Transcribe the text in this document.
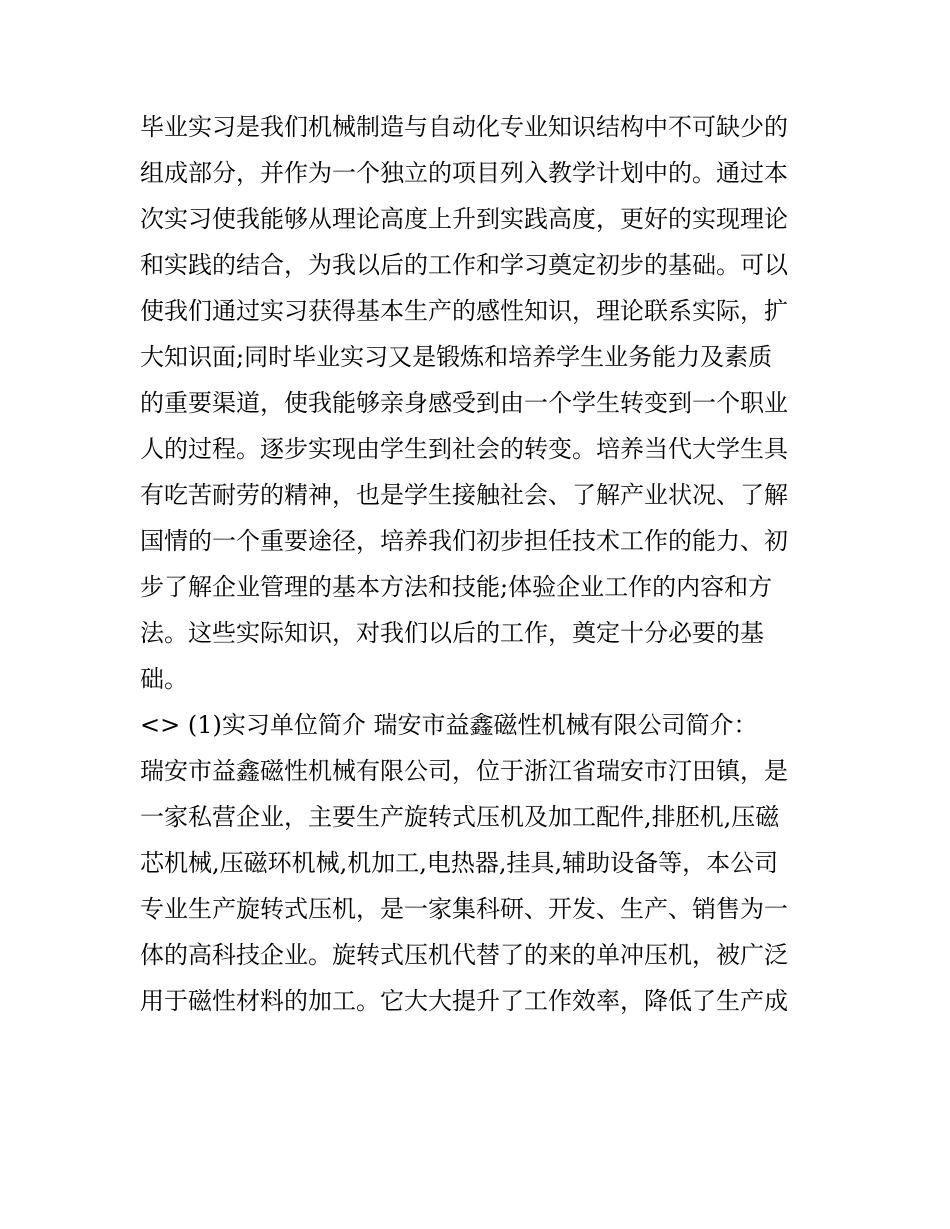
毕业实习是我们机械制造与自动化专业知识结构中不可缺少的
组成部分，并作为一个独立的项目列入教学计划中的。通过本
次实习使我能够从理论高度上升到实践高度，更好的实现理论
和实践的结合，为我以后的工作和学习奠定初步的基础。可以
使我们通过实习获得基本生产的感性知识，理论联系实际，扩
大知识面;同时毕业实习又是锻炼和培养学生业务能力及素质
的重要渠道，使我能够亲身感受到由一个学生转变到一个职业
人的过程。逐步实现由学生到社会的转变。培养当代大学生具
有吃苦耐劳的精神，也是学生接触社会、了解产业状况、了解
国情的一个重要途径，培养我们初步担任技术工作的能力、初
步了解企业管理的基本方法和技能;体验企业工作的内容和方
法。这些实际知识，对我们以后的工作，奠定十分必要的基
础。
<> (1)实习单位简介 瑞安市益鑫磁性机械有限公司简介：
瑞安市益鑫磁性机械有限公司，位于浙江省瑞安市汀田镇，是
一家私营企业，主要生产旋转式压机及加工配件,排胚机,压磁
芯机械,压磁环机械,机加工,电热器,挂具,辅助设备等，本公司
专业生产旋转式压机，是一家集科研、开发、生产、销售为一
体的高科技企业。旋转式压机代替了的来的单冲压机，被广泛
用于磁性材料的加工。它大大提升了工作效率，降低了生产成
